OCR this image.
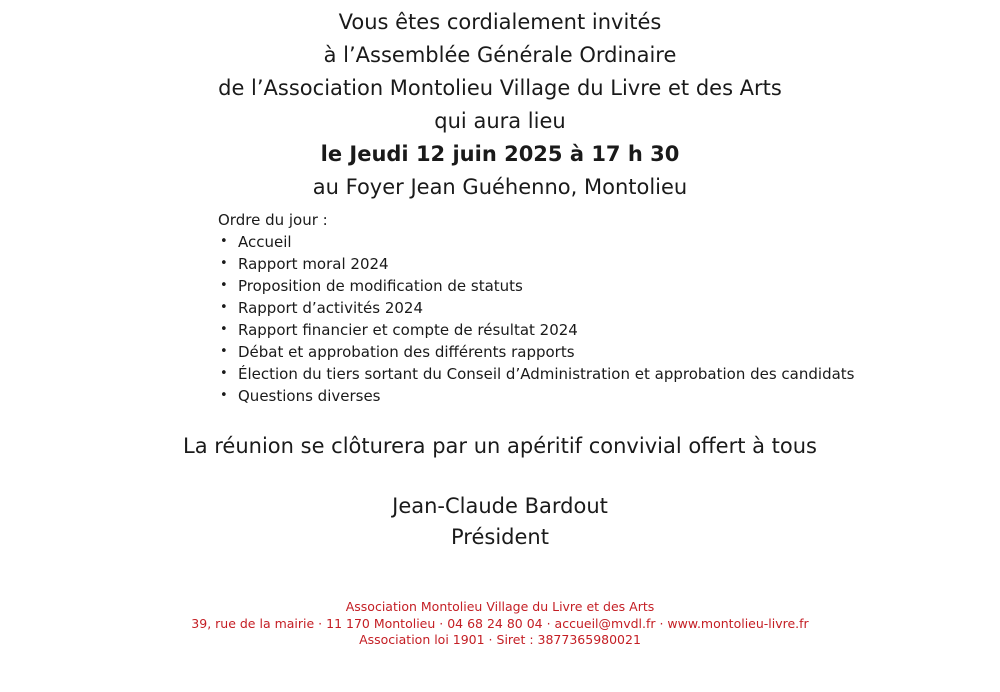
Vous êtes cordialement invités
à l’Assemblée Générale Ordinaire
de l’Association Montolieu Village du Livre et des Arts
qui aura lieu
le Jeudi 12 juin 2025 à 17 h 30
au Foyer Jean Guéhenno, Montolieu
Ordre du jour :
• Accueil
• Rapport moral 2024
• Proposition de modification de statuts
• Rapport d’activités 2024
• Rapport financier et compte de résultat 2024
• Débat et approbation des différents rapports
• Élection du tiers sortant du Conseil d’Administration et approbation des candidats
• Questions diverses
La réunion se clôturera par un apéritif convivial offert à tous
Jean-Claude Bardout
Président
Association Montolieu Village du Livre et des Arts
39, rue de la mairie · 11 170 Montolieu · 04 68 24 80 04 · accueil@mvdl.fr · www.montolieu-livre.fr
Association loi 1901 · Siret : 3877365980021
